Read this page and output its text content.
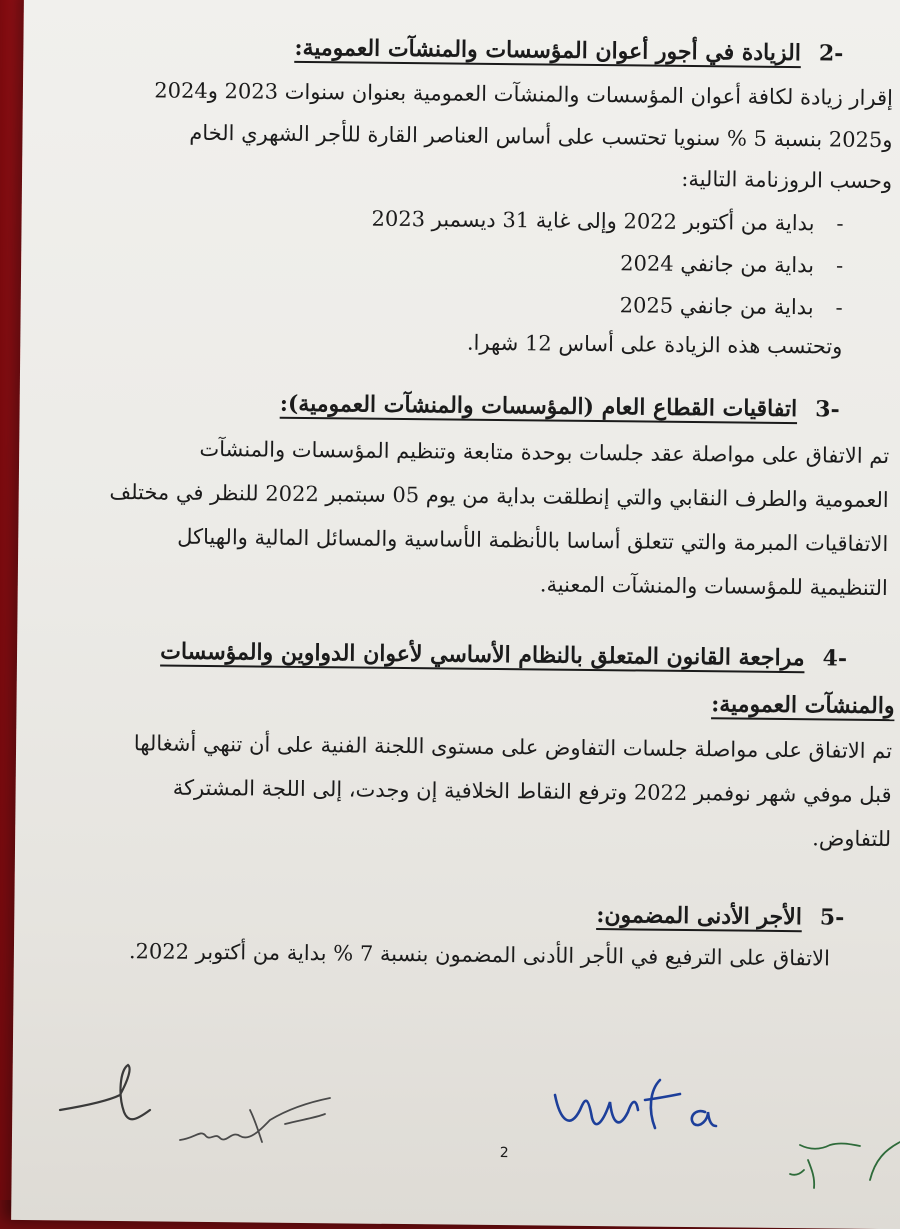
-2الزيادة في أجور أعوان المؤسسات والمنشآت العمومية:
إقرار زيادة لكافة أعوان المؤسسات والمنشآت العمومية بعنوان سنوات 2023 و2024
و2025 بنسبة 5 % سنويا تحتسب على أساس العناصر القارة للأجر الشهري الخام
وحسب الروزنامة التالية:
-بداية من أكتوبر 2022 وإلى غاية 31 ديسمبر 2023
-بداية من جانفي 2024
-بداية من جانفي 2025
وتحتسب هذه الزيادة على أساس 12 شهرا.
-3اتفاقيات القطاع العام (المؤسسات والمنشآت العمومية):
تم الاتفاق على مواصلة عقد جلسات بوحدة متابعة وتنظيم المؤسسات والمنشآت
العمومية والطرف النقابي والتي إنطلقت بداية من يوم 05 سبتمبر 2022 للنظر في مختلف
الاتفاقيات المبرمة والتي تتعلق أساسا بالأنظمة الأساسية والمسائل المالية والهياكل
التنظيمية للمؤسسات والمنشآت المعنية.
-4مراجعة القانون المتعلق بالنظام الأساسي لأعوان الدواوين والمؤسسات
والمنشآت العمومية:
تم الاتفاق على مواصلة جلسات التفاوض على مستوى اللجنة الفنية على أن تنهي أشغالها
قبل موفي شهر نوفمبر 2022 وترفع النقاط الخلافية إن وجدت، إلى اللجة المشتركة
للتفاوض.
-5الأجر الأدنى المضمون:
الاتفاق على الترفيع في الأجر الأدنى المضمون بنسبة 7 % بداية من أكتوبر 2022.
2
